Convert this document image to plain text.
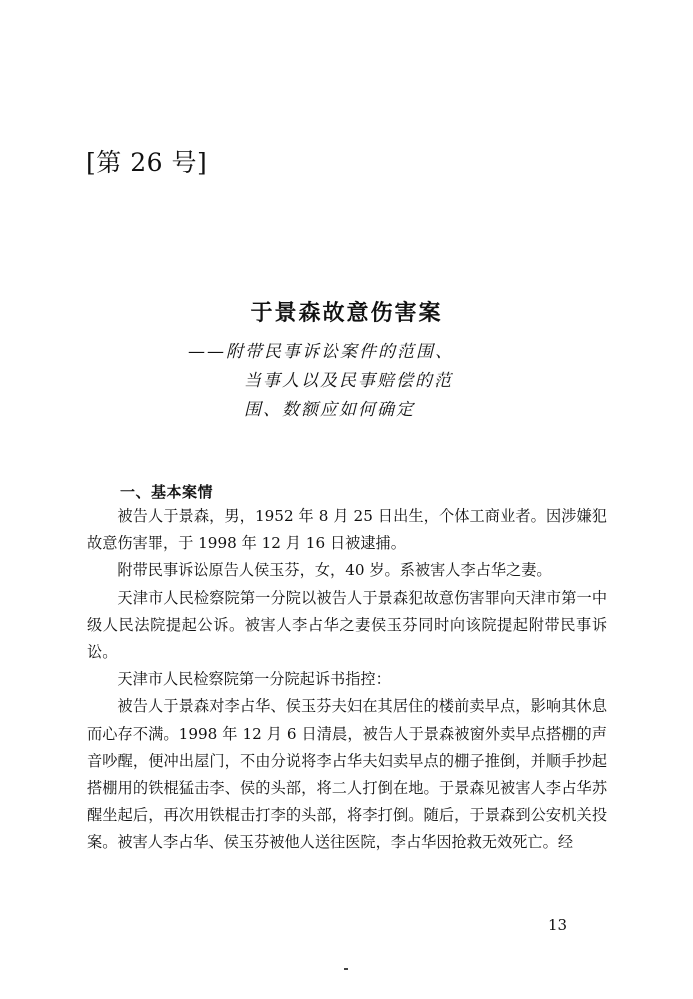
[第 26 号]
于景森故意伤害案
——附带民事诉讼案件的范围、
当事人以及民事赔偿的范
围、数额应如何确定
一、基本案情

被告人于景森，男，1952 年 8 月 25 日出生，个体工商业者。因涉嫌犯故意伤害罪，于 1998 年 12 月 16 日被逮捕。

附带民事诉讼原告人侯玉芬，女，40 岁。系被害人李占华之妻。

天津市人民检察院第一分院以被告人于景森犯故意伤害罪向天津市第一中级人民法院提起公诉。被害人李占华之妻侯玉芬同时向该院提起附带民事诉讼。

天津市人民检察院第一分院起诉书指控：

被告人于景森对李占华、侯玉芬夫妇在其居住的楼前卖早点，影响其休息而心存不满。1998 年 12 月 6 日清晨，被告人于景森被窗外卖早点搭棚的声音吵醒，便冲出屋门，不由分说将李占华夫妇卖早点的棚子推倒，并顺手抄起搭棚用的铁棍猛击李、侯的头部，将二人打倒在地。于景森见被害人李占华苏醒坐起后，再次用铁棍击打李的头部，将李打倒。随后，于景森到公安机关投案。被害人李占华、侯玉芬被他人送往医院，李占华因抢救无效死亡。经

13
